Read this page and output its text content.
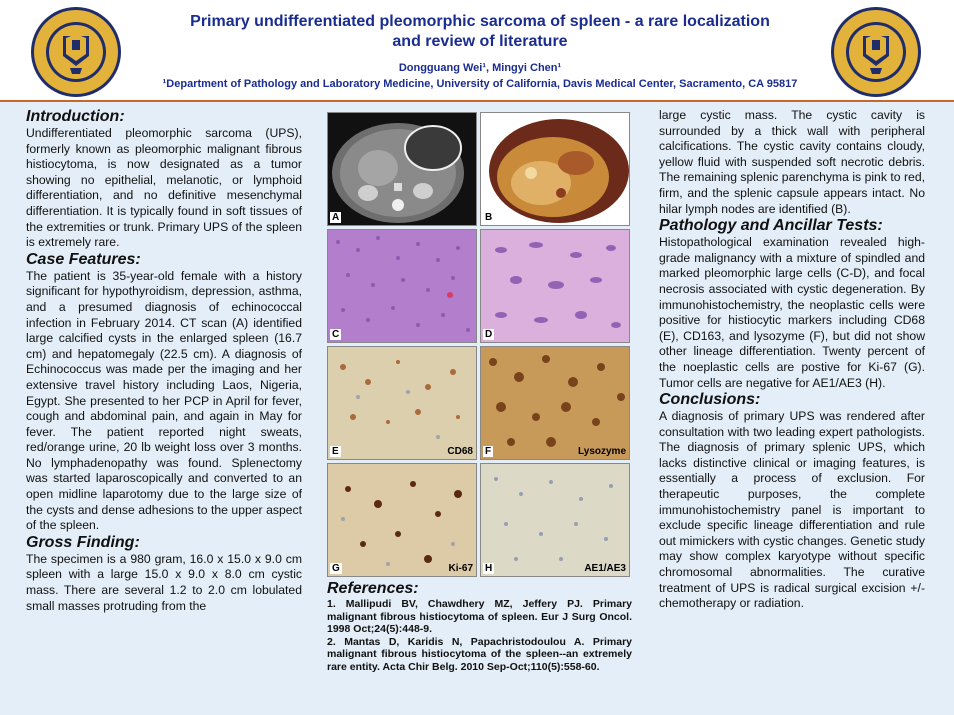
Primary undifferentiated pleomorphic sarcoma of spleen - a rare localization
and review of literature
Dongguang Wei¹, Mingyi Chen¹
¹Department of Pathology and Laboratory Medicine, University of California, Davis Medical Center, Sacramento, CA 95817
Introduction:

Undifferentiated pleomorphic sarcoma (UPS), formerly known as pleomorphic malignant fibrous histiocytoma, is now designated as a tumor showing no epithelial, melanotic, or lymphoid differentiation, and no definitive mesenchymal differentiation. It is typically found in soft tissues of the extremities or trunk. Primary UPS of the spleen is extremely rare.

Case Features:

The patient is 35-year-old female with a history significant for hypothyroidism, depression, asthma, and a presumed diagnosis of echinococcal infection in February 2014. CT scan (A) identified large calcified cysts in the enlarged spleen (16.7 cm) and hepatomegaly (22.5 cm). A diagnosis of Echinococcus was made per the imaging and her extensive travel history including Laos, Nigeria, Egypt. She presented to her PCP in April for fever, cough and abdominal pain, and again in May for fever. The patient reported night sweats, red/orange urine, 20 lb weight loss over 3 months. No lymphadenopathy was found. Splenectomy was started laparoscopically and converted to an open midline laparotomy due to the large size of the cysts and dense adhesions to the upper aspect of the spleen.

Gross Finding:

The specimen is a 980 gram, 16.0 x 15.0 x 9.0 cm spleen with a large 15.0 x 9.0 x 8.0 cm cystic mass. There are several 1.2 to 2.0 cm lobulated small masses protruding from the

A	B
C	D
E	CD68 F	Lysozyme
G	Ki-67 H	AE1/AE3
References:

1. Mallipudi BV, Chawdhery MZ, Jeffery PJ. Primary malignant fibrous histiocytoma of spleen. Eur J Surg Oncol. 1998 Oct;24(5):448-9.

2. Mantas D, Karidis N, Papachristodoulou A. Primary malignant fibrous histiocytoma of the spleen--an extremely rare entity. Acta Chir Belg. 2010 Sep-Oct;110(5):558-60.

large cystic mass. The cystic cavity is surrounded by a thick wall with peripheral calcifications. The cystic cavity contains cloudy, yellow fluid with suspended soft necrotic debris. The remaining splenic parenchyma is pink to red, firm, and the splenic capsule appears intact. No hilar lymph nodes are identified (B).

Pathology and Ancillar Tests:

Histopathological examination revealed high-grade malignancy with a mixture of spindled and marked pleomorphic large cells (C-D), and focal necrosis associated with cystic degeneration. By immunohistochemistry, the neoplastic cells were positive for histiocytic markers including CD68 (E), CD163, and lysozyme (F), but did not show other lineage differentiation. Twenty percent of the noeplastic cells are postive for Ki-67 (G). Tumor cells are negative for AE1/AE3 (H).

Conclusions:

A diagnosis of primary UPS was rendered after consultation with two leading expert pathologists. The diagnosis of primary splenic UPS, which lacks distinctive clinical or imaging features, is essentially a process of exclusion. For therapeutic purposes, the complete immunohistochemistry panel is important to exclude specific lineage differentiation and rule out mimickers with cystic changes. Genetic study may show complex karyotype without specific chromosomal abnormalities. The curative treatment of UPS is radical surgical excision +/- chemotherapy or radiation.
